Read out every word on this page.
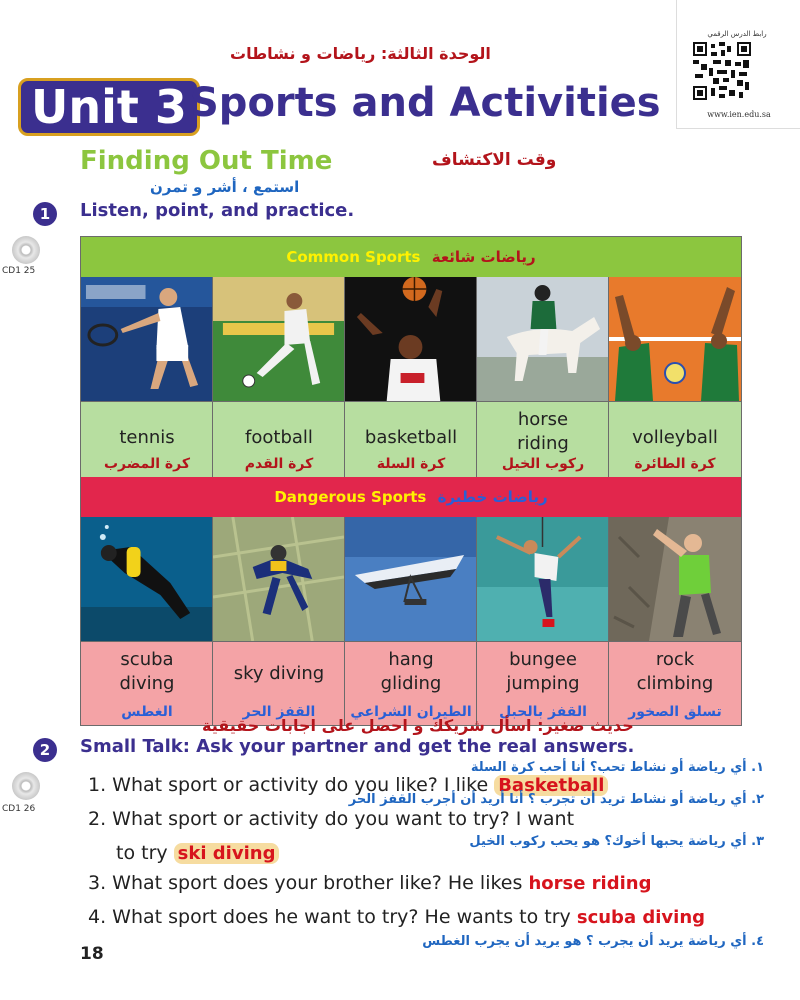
رابط الدرس الرقمي
www.ien.edu.sa
الوحدة الثالثة: رياضات و نشاطات
Unit 3 Sports and Activities
Finding Out Time	وقت الاكتشاف
استمع ، أشر و تمرن
1	Listen, point, and practice.
CD1 25
Common Sports رياضات شائعة
tennis
كرة المضرب
football
كرة القدم
basketball
كرة السلة
horse riding
ركوب الخيل
volleyball
كرة الطائرة
Dangerous Sports رياضات خطيرة
scuba diving
الغطس
sky diving
القفز الحر
hang gliding
الطيران الشراعي
bungee jumping
القفز بالحبل
rock climbing
تسلق الصخور
حديث صغير: اسأل شريكك و احصل على اجابات حقيقية
2	Small Talk: Ask your partner and get the real answers.
CD1 26
١. أي رياضة أو نشاط تحب؟ أنا أحب كرة السلة
1. What sport or activity do you like? I like Basketball
٢. أي رياضة أو نشاط تريد أن تجرب ؟ أنا أريد أن أجرب القفز الحر
2. What sport or activity do you want to try? I want
to try ski diving
٣. أي رياضة يحبها أخوك؟ هو يحب ركوب الخيل
3. What sport does your brother like? He likes horse riding
4. What sport does he want to try? He wants to try scuba diving
٤. أي رياضة يريد أن يجرب ؟ هو يريد أن يجرب الغطس
18
